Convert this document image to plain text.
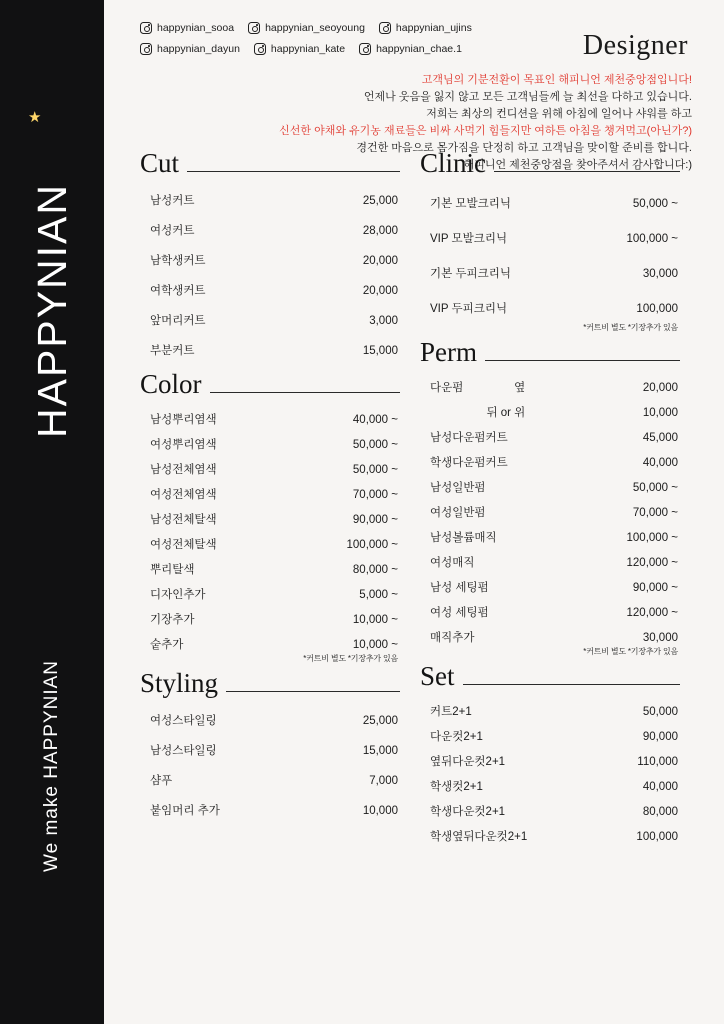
HAPPYNIAN
★
We make HAPPYNIAN
happynian_sooa	happynian_seoyoung	happynian_ujins
happynian_dayun	happynian_kate	happynian_chae.1	Designer
고객님의 기분전환이 목표인 해피니언 제천중앙점입니다!
언제나 웃음을 잃지 않고 모든 고객님들께 늘 최선을 다하고 있습니다.
저희는 최상의 컨디션을 위해 아침에 일어나 샤워를 하고
신선한 야채와 유기농 재료들은 비싸 사먹기 힘들지만 여하튼 아침을 챙겨먹고(아닌가?)
경건한 마음으로 몸가짐을 단정히 하고 고객님을 맞이할 준비를 합니다.
해피니언 제천중앙점을 찾아주셔서 감사합니다:)
Cut
남성커트	25,000
여성커트	28,000
남학생커트	20,000
여학생커트	20,000
앞머리커트	3,000
부분커트	15,000
Color
남성뿌리염색	40,000 ~
여성뿌리염색	50,000 ~
남성전체염색	50,000 ~
여성전체염색	70,000 ~
남성전체탈색	90,000 ~
여성전체탈색	100,000 ~
뿌리탈색	80,000 ~
디자인추가	5,000 ~
기장추가	10,000 ~
숱추가	10,000 ~
*커트비 별도 *기장추가 있음
Styling
여성스타일링	25,000
남성스타일링	15,000
샴푸	7,000
붙임머리 추가	10,000
Clinic
기본 모발크리닉	50,000 ~
VIP 모발크리닉	100,000 ~
기본 두피크리닉	30,000
VIP 두피크리닉	100,000
*커트비 별도 *기장추가 있음
Perm
다운펌	옆	20,000
뒤 or 위	10,000
남성다운펌커트	45,000
학생다운펌커트	40,000
남성일반펌	50,000 ~
여성일반펌	70,000 ~
남성볼륨매직	100,000 ~
여성매직	120,000 ~
남성 세팅펌	90,000 ~
여성 세팅펌	120,000 ~
매직추가	30,000
*커트비 별도 *기장추가 있음
Set
커트2+1	50,000
다운컷2+1	90,000
옆뒤다운컷2+1	110,000
학생컷2+1	40,000
학생다운컷2+1	80,000
학생옆뒤다운컷2+1	100,000
